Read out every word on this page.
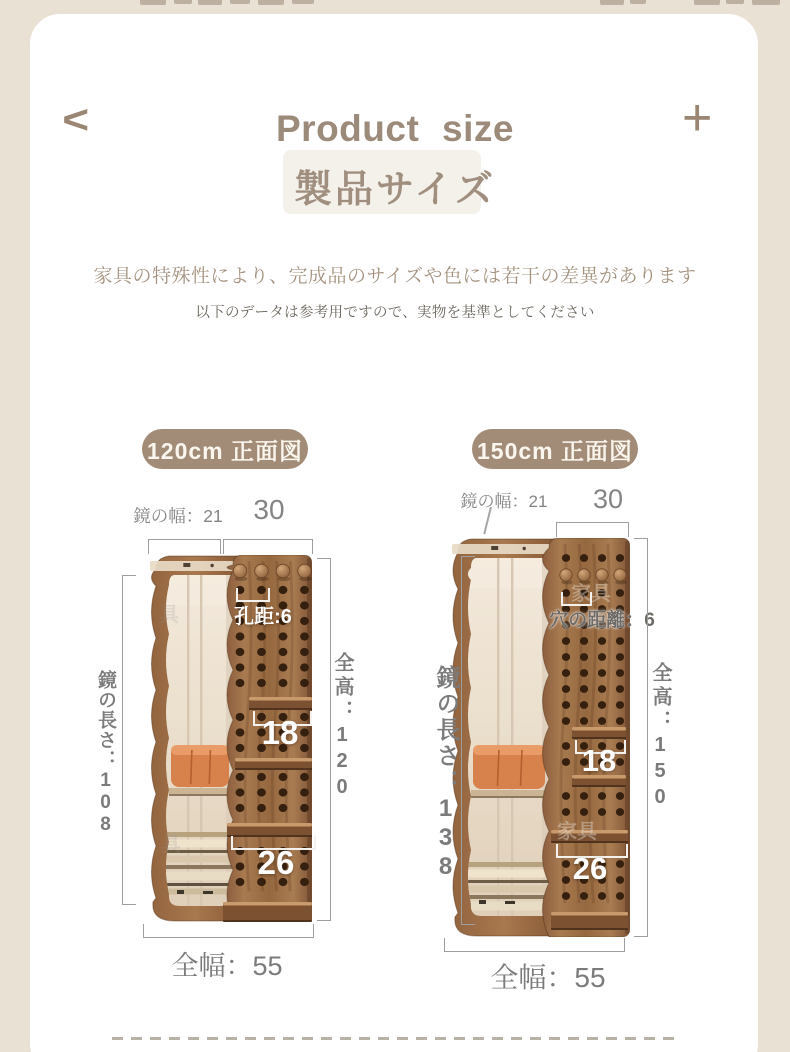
<	+
Product size
製品サイズ

家具の特殊性により、完成品のサイズや色には若干の差異があります

以下のデータは参考用ですので、実物を基準としてください

120cm 正面図
鏡の幅：21	30
具
具
孔距:6
18
26
全高：120
鏡の長さ：108
全幅：55
150cm 正面図
鏡の幅：21	30
家具
家具
穴の距離：6
18
26
全高：150
鏡の長さ：138
全幅：55
